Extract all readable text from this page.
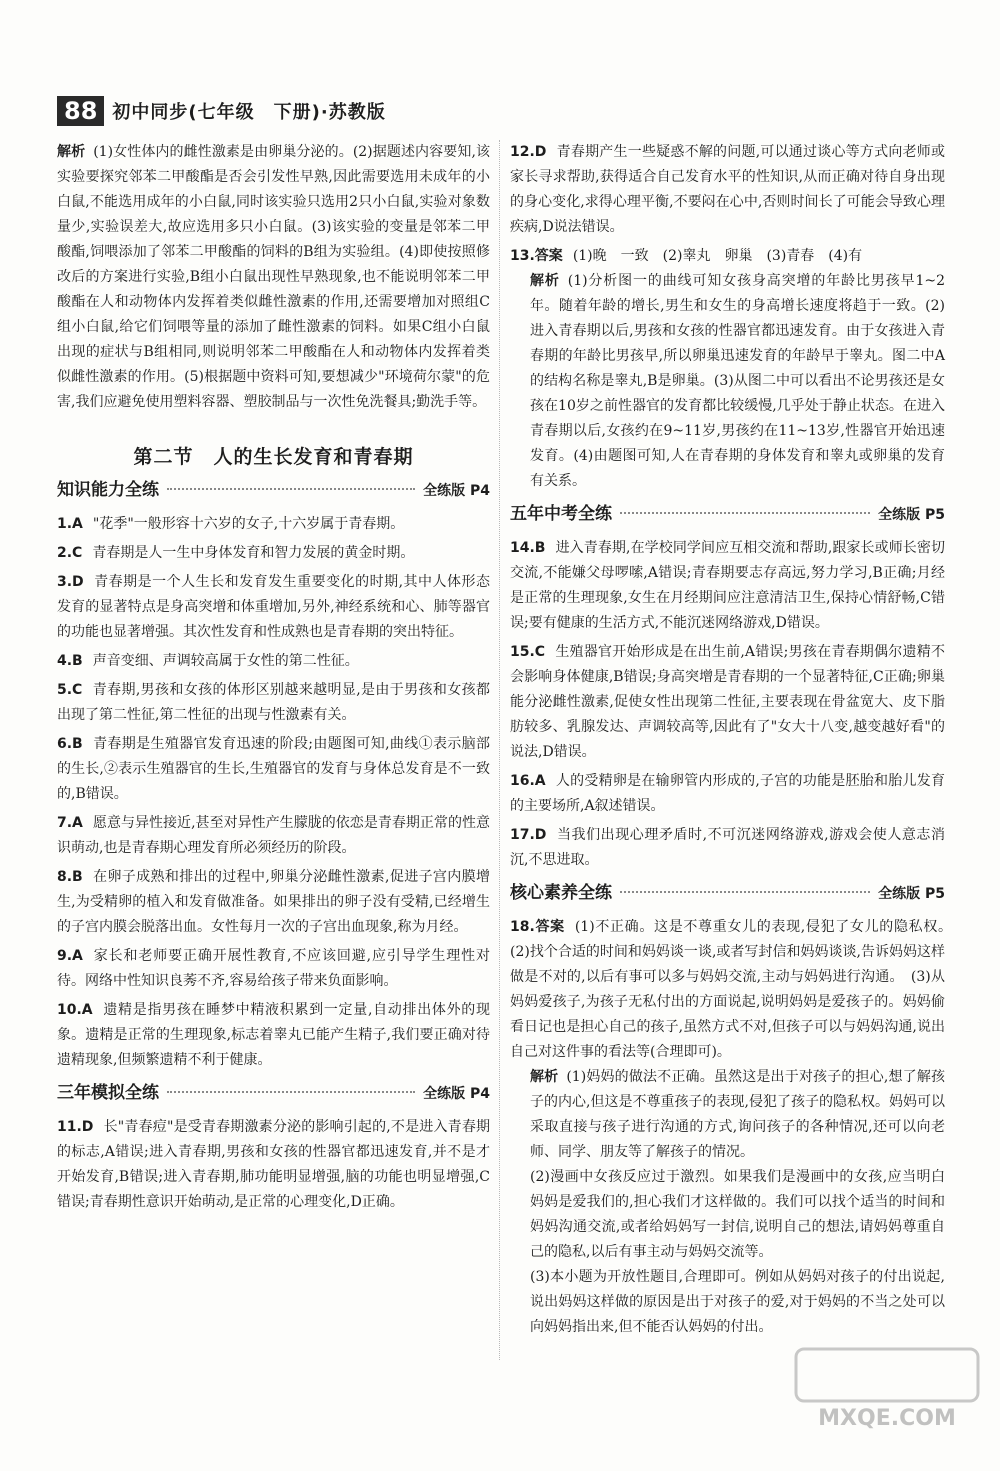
88 初中同步(七年级　下册)·苏教版

解析 (1)女性体内的雌性激素是由卵巢分泌的。(2)据题述内容要知,该实验要探究邻苯二甲酸酯是否会引发性早熟,因此需要选用未成年的小白鼠,不能选用成年的小白鼠,同时该实验只选用2只小白鼠,实验对象数量少,实验误差大,故应选用多只小白鼠。(3)该实验的变量是邻苯二甲酸酯,饲喂添加了邻苯二甲酸酯的饲料的B组为实验组。(4)即使按照修改后的方案进行实验,B组小白鼠出现性早熟现象,也不能说明邻苯二甲酸酯在人和动物体内发挥着类似雌性激素的作用,还需要增加对照组C组小白鼠,给它们饲喂等量的添加了雌性激素的饲料。如果C组小白鼠出现的症状与B组相同,则说明邻苯二甲酸酯在人和动物体内发挥着类似雌性激素的作用。(5)根据题中资料可知,要想减少"环境荷尔蒙"的危害,我们应避免使用塑料容器、塑胶制品与一次性免洗餐具;勤洗手等。

第二节　人的生长发育和青春期
知识能力全练	全练版 P4

1.A "花季"一般形容十六岁的女子,十六岁属于青春期。

2.C 青春期是人一生中身体发育和智力发展的黄金时期。

3.D 青春期是一个人生长和发育发生重要变化的时期,其中人体形态发育的显著特点是身高突增和体重增加,另外,神经系统和心、肺等器官的功能也显著增强。其次性发育和性成熟也是青春期的突出特征。

4.B 声音变细、声调较高属于女性的第二性征。

5.C 青春期,男孩和女孩的体形区别越来越明显,是由于男孩和女孩都出现了第二性征,第二性征的出现与性激素有关。

6.B 青春期是生殖器官发育迅速的阶段;由题图可知,曲线①表示脑部的生长,②表示生殖器官的生长,生殖器官的发育与身体总发育是不一致的,B错误。

7.A 愿意与异性接近,甚至对异性产生朦胧的依恋是青春期正常的性意识萌动,也是青春期心理发育所必须经历的阶段。

8.B 在卵子成熟和排出的过程中,卵巢分泌雌性激素,促进子宫内膜增生,为受精卵的植入和发育做准备。如果排出的卵子没有受精,已经增生的子宫内膜会脱落出血。女性每月一次的子宫出血现象,称为月经。

9.A 家长和老师要正确开展性教育,不应该回避,应引导学生理性对待。网络中性知识良莠不齐,容易给孩子带来负面影响。

10.A 遗精是指男孩在睡梦中精液积累到一定量,自动排出体外的现象。遗精是正常的生理现象,标志着睾丸已能产生精子,我们要正确对待遗精现象,但频繁遗精不利于健康。

三年模拟全练	全练版 P4

11.D 长"青春痘"是受青春期激素分泌的影响引起的,不是进入青春期的标志,A错误;进入青春期,男孩和女孩的性器官都迅速发育,并不是才开始发育,B错误;进入青春期,肺功能明显增强,脑的功能也明显增强,C错误;青春期性意识开始萌动,是正常的心理变化,D正确。

12.D 青春期产生一些疑惑不解的问题,可以通过谈心等方式向老师或家长寻求帮助,获得适合自己发育水平的性知识,从而正确对待自身出现的身心变化,求得心理平衡,不要闷在心中,否则时间长了可能会导致心理疾病,D说法错误。

13.答案 (1)晚　一致　(2)睾丸　卵巢　(3)青春　(4)有

解析 (1)分析图一的曲线可知女孩身高突增的年龄比男孩早1~2年。随着年龄的增长,男生和女生的身高增长速度将趋于一致。(2)进入青春期以后,男孩和女孩的性器官都迅速发育。由于女孩进入青春期的年龄比男孩早,所以卵巢迅速发育的年龄早于睾丸。图二中A的结构名称是睾丸,B是卵巢。(3)从图二中可以看出不论男孩还是女孩在10岁之前性器官的发育都比较缓慢,几乎处于静止状态。在进入青春期以后,女孩约在9~11岁,男孩约在11~13岁,性器官开始迅速发育。(4)由题图可知,人在青春期的身体发育和睾丸或卵巢的发育有关系。

五年中考全练	全练版 P5

14.B 进入青春期,在学校同学间应互相交流和帮助,跟家长或师长密切交流,不能嫌父母啰嗦,A错误;青春期要志存高远,努力学习,B正确;月经是正常的生理现象,女生在月经期间应注意清洁卫生,保持心情舒畅,C错误;要有健康的生活方式,不能沉迷网络游戏,D错误。

15.C 生殖器官开始形成是在出生前,A错误;男孩在青春期偶尔遗精不会影响身体健康,B错误;身高突增是青春期的一个显著特征,C正确;卵巢能分泌雌性激素,促使女性出现第二性征,主要表现在骨盆宽大、皮下脂肪较多、乳腺发达、声调较高等,因此有了"女大十八变,越变越好看"的说法,D错误。

16.A 人的受精卵是在输卵管内形成的,子宫的功能是胚胎和胎儿发育的主要场所,A叙述错误。

17.D 当我们出现心理矛盾时,不可沉迷网络游戏,游戏会使人意志消沉,不思进取。

核心素养全练	全练版 P5
18.答案 (1)不正确。这是不尊重女儿的表现,侵犯了女儿的隐私权。　(2)找个合适的时间和妈妈谈一谈,或者写封信和妈妈谈谈,告诉妈妈这样做是不对的,以后有事可以多与妈妈交流,主动与妈妈进行沟通。　(3)从妈妈爱孩子,为孩子无私付出的方面说起,说明妈妈是爱孩子的。妈妈偷看日记也是担心自己的孩子,虽然方式不对,但孩子可以与妈妈沟通,说出自己对这件事的看法等(合理即可)。

解析 (1)妈妈的做法不正确。虽然这是出于对孩子的担心,想了解孩子的内心,但这是不尊重孩子的表现,侵犯了孩子的隐私权。妈妈可以采取直接与孩子进行沟通的方式,询问孩子的各种情况,还可以向老师、同学、朋友等了解孩子的情况。

(2)漫画中女孩反应过于激烈。如果我们是漫画中的女孩,应当明白妈妈是爱我们的,担心我们才这样做的。我们可以找个适当的时间和妈妈沟通交流,或者给妈妈写一封信,说明自己的想法,请妈妈尊重自己的隐私,以后有事主动与妈妈交流等。

(3)本小题为开放性题目,合理即可。例如从妈妈对孩子的付出说起,说出妈妈这样做的原因是出于对孩子的爱,对于妈妈的不当之处可以向妈妈指出来,但不能否认妈妈的付出。

MXQE.COM
